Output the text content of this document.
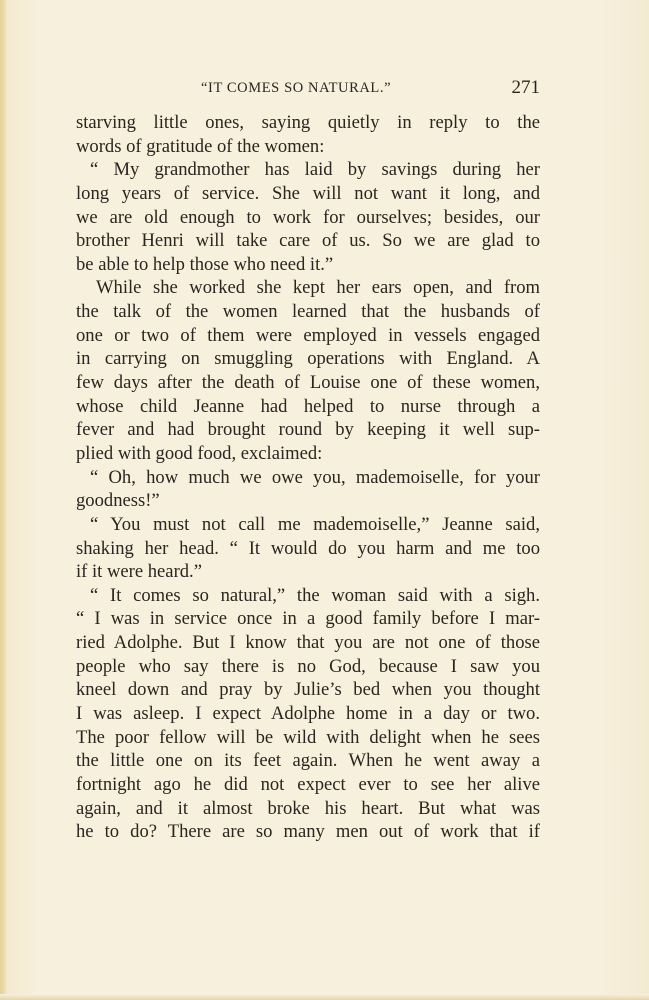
“IT COMES SO NATURAL.”	271
starving little ones, saying quietly in reply to the
words of gratitude of the women:
“ My grandmother has laid by savings during her
long years of service. She will not want it long, and
we are old enough to work for ourselves; besides, our
brother Henri will take care of us. So we are glad to
be able to help those who need it.”
While she worked she kept her ears open, and from
the talk of the women learned that the husbands of
one or two of them were employed in vessels engaged
in carrying on smuggling operations with England. A
few days after the death of Louise one of these women,
whose child Jeanne had helped to nurse through a
fever and had brought round by keeping it well sup-
plied with good food, exclaimed:
“ Oh, how much we owe you, mademoiselle, for your
goodness!”
“ You must not call me mademoiselle,” Jeanne said,
shaking her head. “ It would do you harm and me too
if it were heard.”
“ It comes so natural,” the woman said with a sigh.
“ I was in service once in a good family before I mar-
ried Adolphe. But I know that you are not one of those
people who say there is no God, because I saw you
kneel down and pray by Julie’s bed when you thought
I was asleep. I expect Adolphe home in a day or two.
The poor fellow will be wild with delight when he sees
the little one on its feet again. When he went away a
fortnight ago he did not expect ever to see her alive
again, and it almost broke his heart. But what was
he to do? There are so many men out of work that if
